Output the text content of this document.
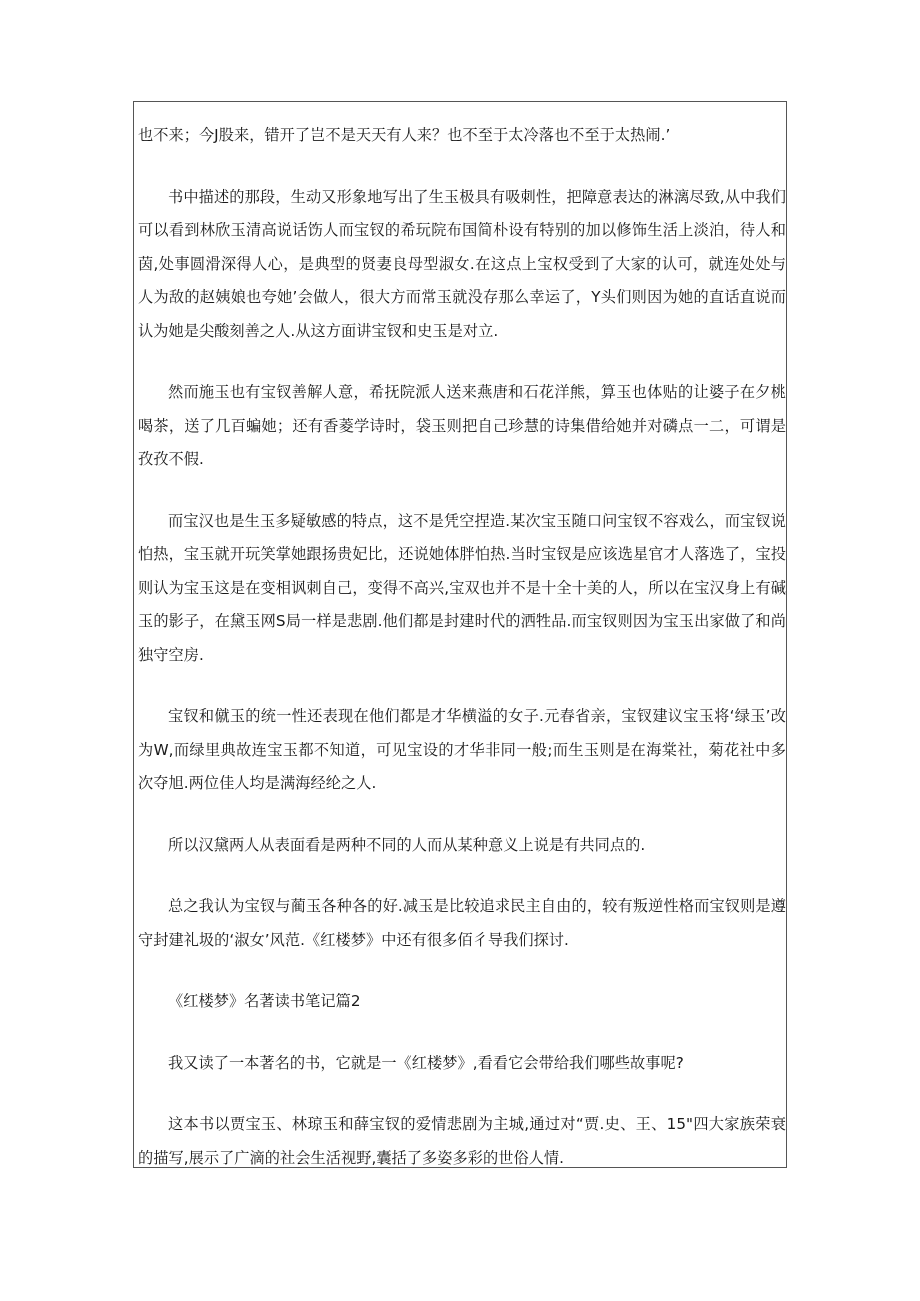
也不来；今J股来，错开了岂不是天天有人来？也不至于太冷落也不至于太热闹.’

书中描述的那段，生动又形象地写出了生玉极具有吸刺性，把障意表达的淋漓尽致,从中我们可以看到林欣玉清高说话饬人而宝钗的希玩院布国简朴设有特别的加以修饰生活上淡泊，待人和茵,处事圆滑深得人心，是典型的贤妻良母型淑女.在这点上宝权受到了大家的认可，就连处处与人为敌的赵姨娘也夸她’会做人，很大方而常玉就没存那么幸运了，Y头们则因为她的直话直说而认为她是尖酸刻善之人.从这方面讲宝钗和史玉是对立.

然而施玉也有宝钗善解人意，希抚院派人送来燕唐和石花洋熊，算玉也体贴的让婆子在夕桃喝茶，送了几百蝙她；还有香菱学诗时，袋玉则把自己珍慧的诗集借给她并对磷点一二，可谓是孜孜不假.

而宝汉也是生玉多疑敏感的特点，这不是凭空捏造.某次宝玉随口问宝钗不容戏么，而宝钗说怕热，宝玉就开玩笑掌她跟扬贵妃比，还说她体胖怕热.当时宝钗是应该选星官才人落选了，宝投则认为宝玉这是在变相讽刺自己，变得不高兴,宝双也并不是十全十美的人，所以在宝汉身上有碱玉的影子，在黛玉网S局一样是悲剧.他们都是封建时代的洒牲品.而宝钗则因为宝玉出家做了和尚独守空房.

宝钗和僦玉的统一性还表现在他们都是才华横溢的女子.元春省亲，宝钗建议宝玉将‘绿玉’改为W,而绿里典故连宝玉都不知道，可见宝设的才华非同一般;而生玉则是在海棠社，菊花社中多次夺旭.两位佳人均是满海经纶之人.

所以汉黛两人从表面看是两种不同的人而从某种意义上说是有共同点的.

总之我认为宝钗与蔺玉各种各的好.减玉是比较追求民主自由的，较有叛逆性格而宝钗则是遵守封建礼圾的‘淑女’风范.《红楼梦》中还有很多佰彳导我们探讨.

《红楼梦》名著读书笔记篇2

我又读了一本著名的书，它就是一《红楼梦》,看看它会带给我们哪些故事呢?

这本书以贾宝玉、林琼玉和薛宝钗的爱情悲剧为主城,通过对“贾.史、王、15"四大家族荣衰的描写,展示了广滴的社会生活视野,囊括了多姿多彩的世俗人情.
